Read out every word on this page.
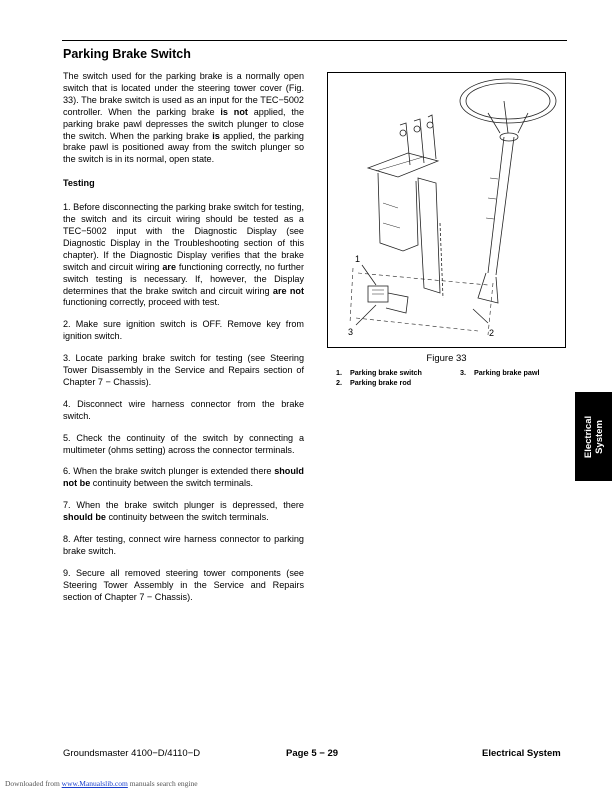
Parking Brake Switch

The switch used for the parking brake is a normally open switch that is located under the steering tower cover (Fig. 33). The brake switch is used as an input for the TEC−5002 controller. When the parking brake is not applied, the parking brake pawl depresses the switch plunger to close the switch. When the parking brake is applied, the parking brake pawl is positioned away from the switch plunger so the switch is in its normal, open state.

Testing

1. Before disconnecting the parking brake switch for testing, the switch and its circuit wiring should be tested as a TEC−5002 input with the Diagnostic Display (see Diagnostic Display in the Troubleshooting section of this chapter). If the Diagnostic Display verifies that the brake switch and circuit wiring are functioning correctly, no further switch testing is necessary. If, however, the Display determines that the brake switch and circuit wiring are not functioning correctly, proceed with test.

2. Make sure ignition switch is OFF. Remove key from ignition switch.

3. Locate parking brake switch for testing (see Steering Tower Disassembly in the Service and Repairs section of Chapter 7 − Chassis).

4. Disconnect wire harness connector from the brake switch.

5. Check the continuity of the switch by connecting a multimeter (ohms setting) across the connector terminals.

6. When the brake switch plunger is extended there should not be continuity between the switch terminals.

7. When the brake switch plunger is depressed, there should be continuity between the switch terminals.

8. After testing, connect wire harness connector to parking brake switch.

9. Secure all removed steering tower components (see Steering Tower Assembly in the Service and Repairs section of Chapter 7 − Chassis).

1
2
3
Figure 33
1. Parking brake switch
2. Parking brake rod
3. Parking brake pawl
Electrical System
Groundsmaster 4100−D/4110−D	Page 5 − 29	Electrical System
Downloaded from www.Manualslib.com manuals search engine
